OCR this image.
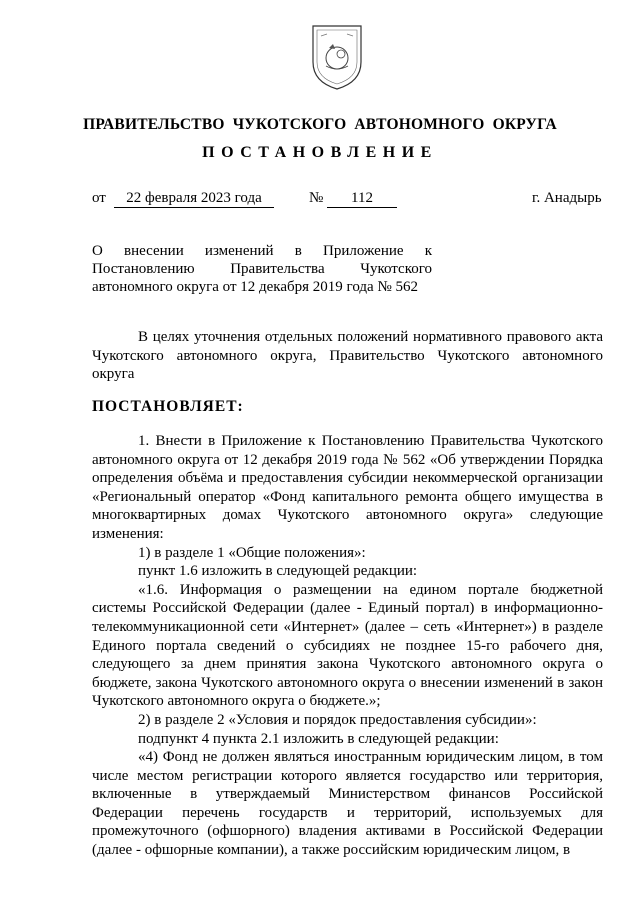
ПРАВИТЕЛЬСТВО ЧУКОТСКОГО АВТОНОМНОГО ОКРУГА
ПОСТАНОВЛЕНИЕ
от	22 февраля 2023 года	№	112	г. Анадырь
О внесении изменений в Приложение к
Постановлению Правительства Чукотского
автономного округа от 12 декабря 2019 года № 562
В целях уточнения отдельных положений нормативного правового акта Чукотского автономного округа, Правительство Чукотского автономного округа
ПОСТАНОВЛЯЕТ:
1. Внести в Приложение к Постановлению Правительства Чукотского автономного округа от 12 декабря 2019 года № 562 «Об утверждении Порядка определения объёма и предоставления субсидии некоммерческой организации «Региональный оператор «Фонд капитального ремонта общего имущества в многоквартирных домах Чукотского автономного округа» следующие изменения:
1) в разделе 1 «Общие положения»:
пункт 1.6 изложить в следующей редакции:
«1.6. Информация о размещении на едином портале бюджетной системы Российской Федерации (далее - Единый портал) в информационно-телекоммуникационной сети «Интернет» (далее – сеть «Интернет») в разделе Единого портала сведений о субсидиях не позднее 15-го рабочего дня, следующего за днем принятия закона Чукотского автономного округа о бюджете, закона Чукотского автономного округа о внесении изменений в закон Чукотского автономного округа о бюджете.»;
2) в разделе 2 «Условия и порядок предоставления субсидии»:
подпункт 4 пункта 2.1 изложить в следующей редакции:
«4) Фонд не должен являться иностранным юридическим лицом, в том числе местом регистрации которого является государство или территория, включенные в утверждаемый Министерством финансов Российской Федерации перечень государств и территорий, используемых для промежуточного (офшорного) владения активами в Российской Федерации (далее - офшорные компании), а также российским юридическим лицом, в
